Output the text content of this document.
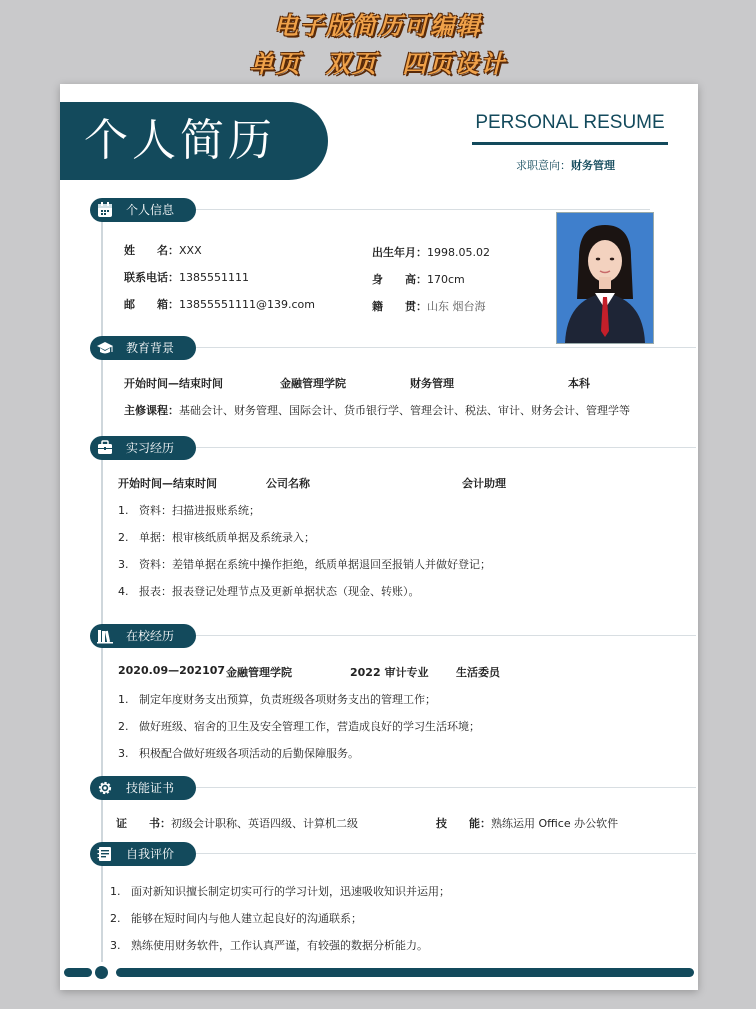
电子版简历可编辑
单页 双页 四页设计
个人简历	PERSONAL RESUME
求职意向：财务管理
个人信息
姓　　名：XXX	出生年月：1998.05.02
联系电话：1385551111	身　　高：170cm
邮　　箱：13855551111@139.com	籍　　贯：山东 烟台海
教育背景
开始时间—结束时间	金融管理学院	财务管理	本科
主修课程：基础会计、财务管理、国际会计、货币银行学、管理会计、税法、审计、财务会计、管理学等
实习经历
开始时间—结束时间	公司名称	会计助理
1. 资料：扫描进报账系统；
2. 单据：根审核纸质单据及系统录入；
3. 资料：差错单据在系统中操作拒绝，纸质单据退回至报销人并做好登记；
4. 报表：报表登记处理节点及更新单据状态（现金、转账）。
在校经历
2020.09—202107 金融管理学院	2022 审计专业	生活委员
1. 制定年度财务支出预算，负责班级各项财务支出的管理工作；
2. 做好班级、宿舍的卫生及安全管理工作，营造成良好的学习生活环境；
3. 积极配合做好班级各项活动的后勤保障服务。
技能证书
证　　书：初级会计职称、英语四级、计算机二级	技　　能：熟练运用 Office 办公软件
自我评价
1. 面对新知识擅长制定切实可行的学习计划，迅速吸收知识并运用；
2. 能够在短时间内与他人建立起良好的沟通联系；
3. 熟练使用财务软件，工作认真严谨，有较强的数据分析能力。
